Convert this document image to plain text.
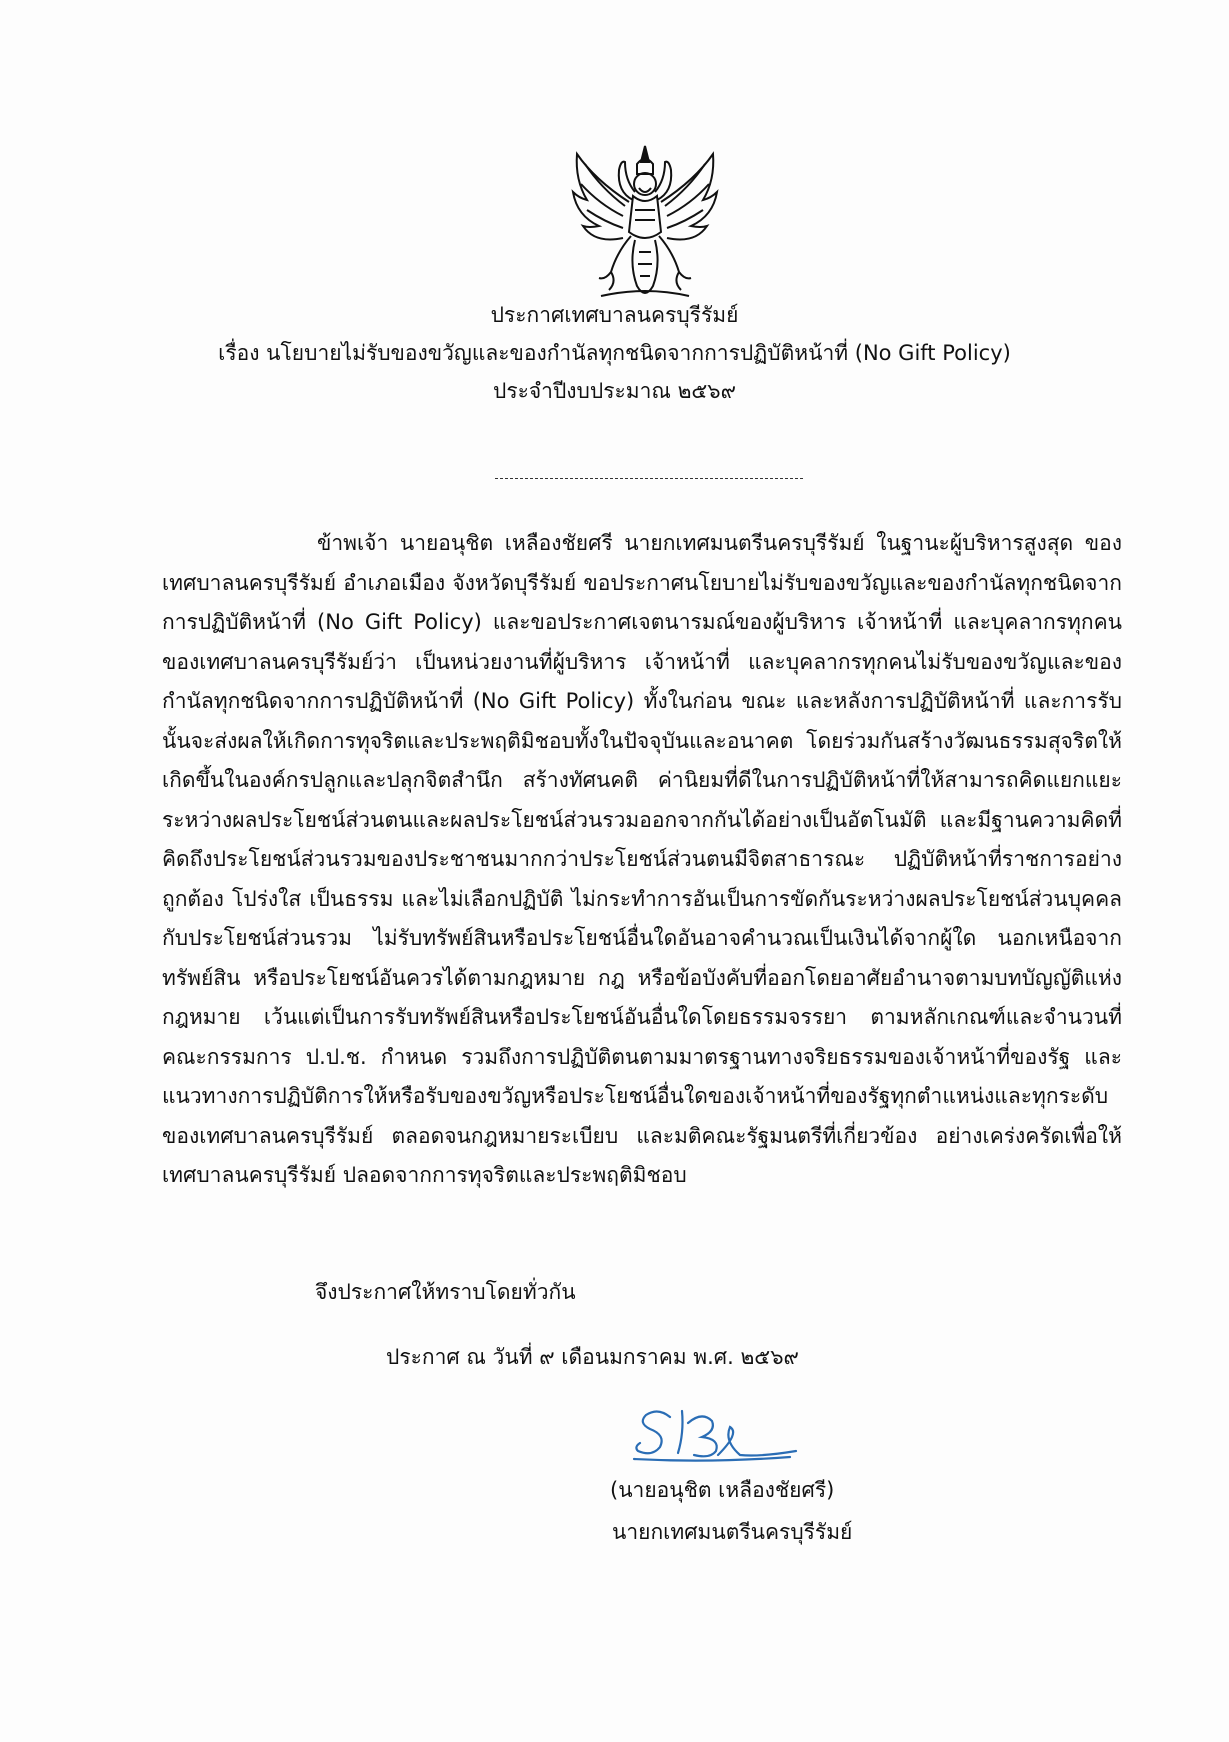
ประกาศเทศบาลนครบุรีรัมย์
เรื่อง นโยบายไม่รับของขวัญและของกำนัลทุกชนิดจากการปฏิบัติหน้าที่ (No Gift Policy)
ประจำปีงบประมาณ ๒๕๖๙

ข้าพเจ้า นายอนุชิต เหลืองชัยศรี นายกเทศมนตรีนครบุรีรัมย์ ในฐานะผู้บริหารสูงสุด ของ เทศบาลนครบุรีรัมย์ อำเภอเมือง จังหวัดบุรีรัมย์ ขอประกาศนโยบายไม่รับของขวัญและของกำนัลทุกชนิดจากการปฏิบัติหน้าที่ (No Gift Policy) และขอประกาศเจตนารมณ์ของผู้บริหาร เจ้าหน้าที่ และบุคลากรทุกคนของเทศบาลนครบุรีรัมย์ว่า เป็นหน่วยงานที่ผู้บริหาร เจ้าหน้าที่ และบุคลากรทุกคนไม่รับของขวัญและของกำนัลทุกชนิดจากการปฏิบัติหน้าที่ (No Gift Policy) ทั้งในก่อน ขณะ และหลังการปฏิบัติหน้าที่ และการรับนั้นจะส่งผลให้เกิดการทุจริตและประพฤติมิชอบทั้งในปัจจุบันและอนาคต โดยร่วมกันสร้างวัฒนธรรมสุจริตให้เกิดขึ้นในองค์กรปลูกและปลุกจิตสำนึก สร้างทัศนคติ ค่านิยมที่ดีในการปฏิบัติหน้าที่ให้สามารถคิดแยกแยะระหว่างผลประโยชน์ส่วนตนและผลประโยชน์ส่วนรวมออกจากกันได้อย่างเป็นอัตโนมัติ และมีฐานความคิดที่คิดถึงประโยชน์ส่วนรวมของประชาชนมากกว่าประโยชน์ส่วนตนมีจิตสาธารณะ ปฏิบัติหน้าที่ราชการอย่างถูกต้อง โปร่งใส เป็นธรรม และไม่เลือกปฏิบัติ ไม่กระทำการอันเป็นการขัดกันระหว่างผลประโยชน์ส่วนบุคคลกับประโยชน์ส่วนรวม ไม่รับทรัพย์สินหรือประโยชน์อื่นใดอันอาจคำนวณเป็นเงินได้จากผู้ใด นอกเหนือจากทรัพย์สิน หรือประโยชน์อันควรได้ตามกฎหมาย กฎ หรือข้อบังคับที่ออกโดยอาศัยอำนาจตามบทบัญญัติแห่งกฎหมาย เว้นแต่เป็นการรับทรัพย์สินหรือประโยชน์อันอื่นใดโดยธรรมจรรยา ตามหลักเกณฑ์และจำนวนที่คณะกรรมการ ป.ป.ช. กำหนด รวมถึงการปฏิบัติตนตามมาตรฐานทางจริยธรรมของเจ้าหน้าที่ของรัฐ และแนวทางการปฏิบัติการให้หรือรับของขวัญหรือประโยชน์อื่นใดของเจ้าหน้าที่ของรัฐทุกตำแหน่งและทุกระดับของเทศบาลนครบุรีรัมย์ ตลอดจนกฎหมายระเบียบ และมติคณะรัฐมนตรีที่เกี่ยวข้อง อย่างเคร่งครัดเพื่อให้เทศบาลนครบุรีรัมย์ ปลอดจากการทุจริตและประพฤติมิชอบ

จึงประกาศให้ทราบโดยทั่วกัน
ประกาศ ณ วันที่ ๙ เดือนมกราคม พ.ศ. ๒๕๖๙
(นายอนุชิต เหลืองชัยศรี)
นายกเทศมนตรีนครบุรีรัมย์
